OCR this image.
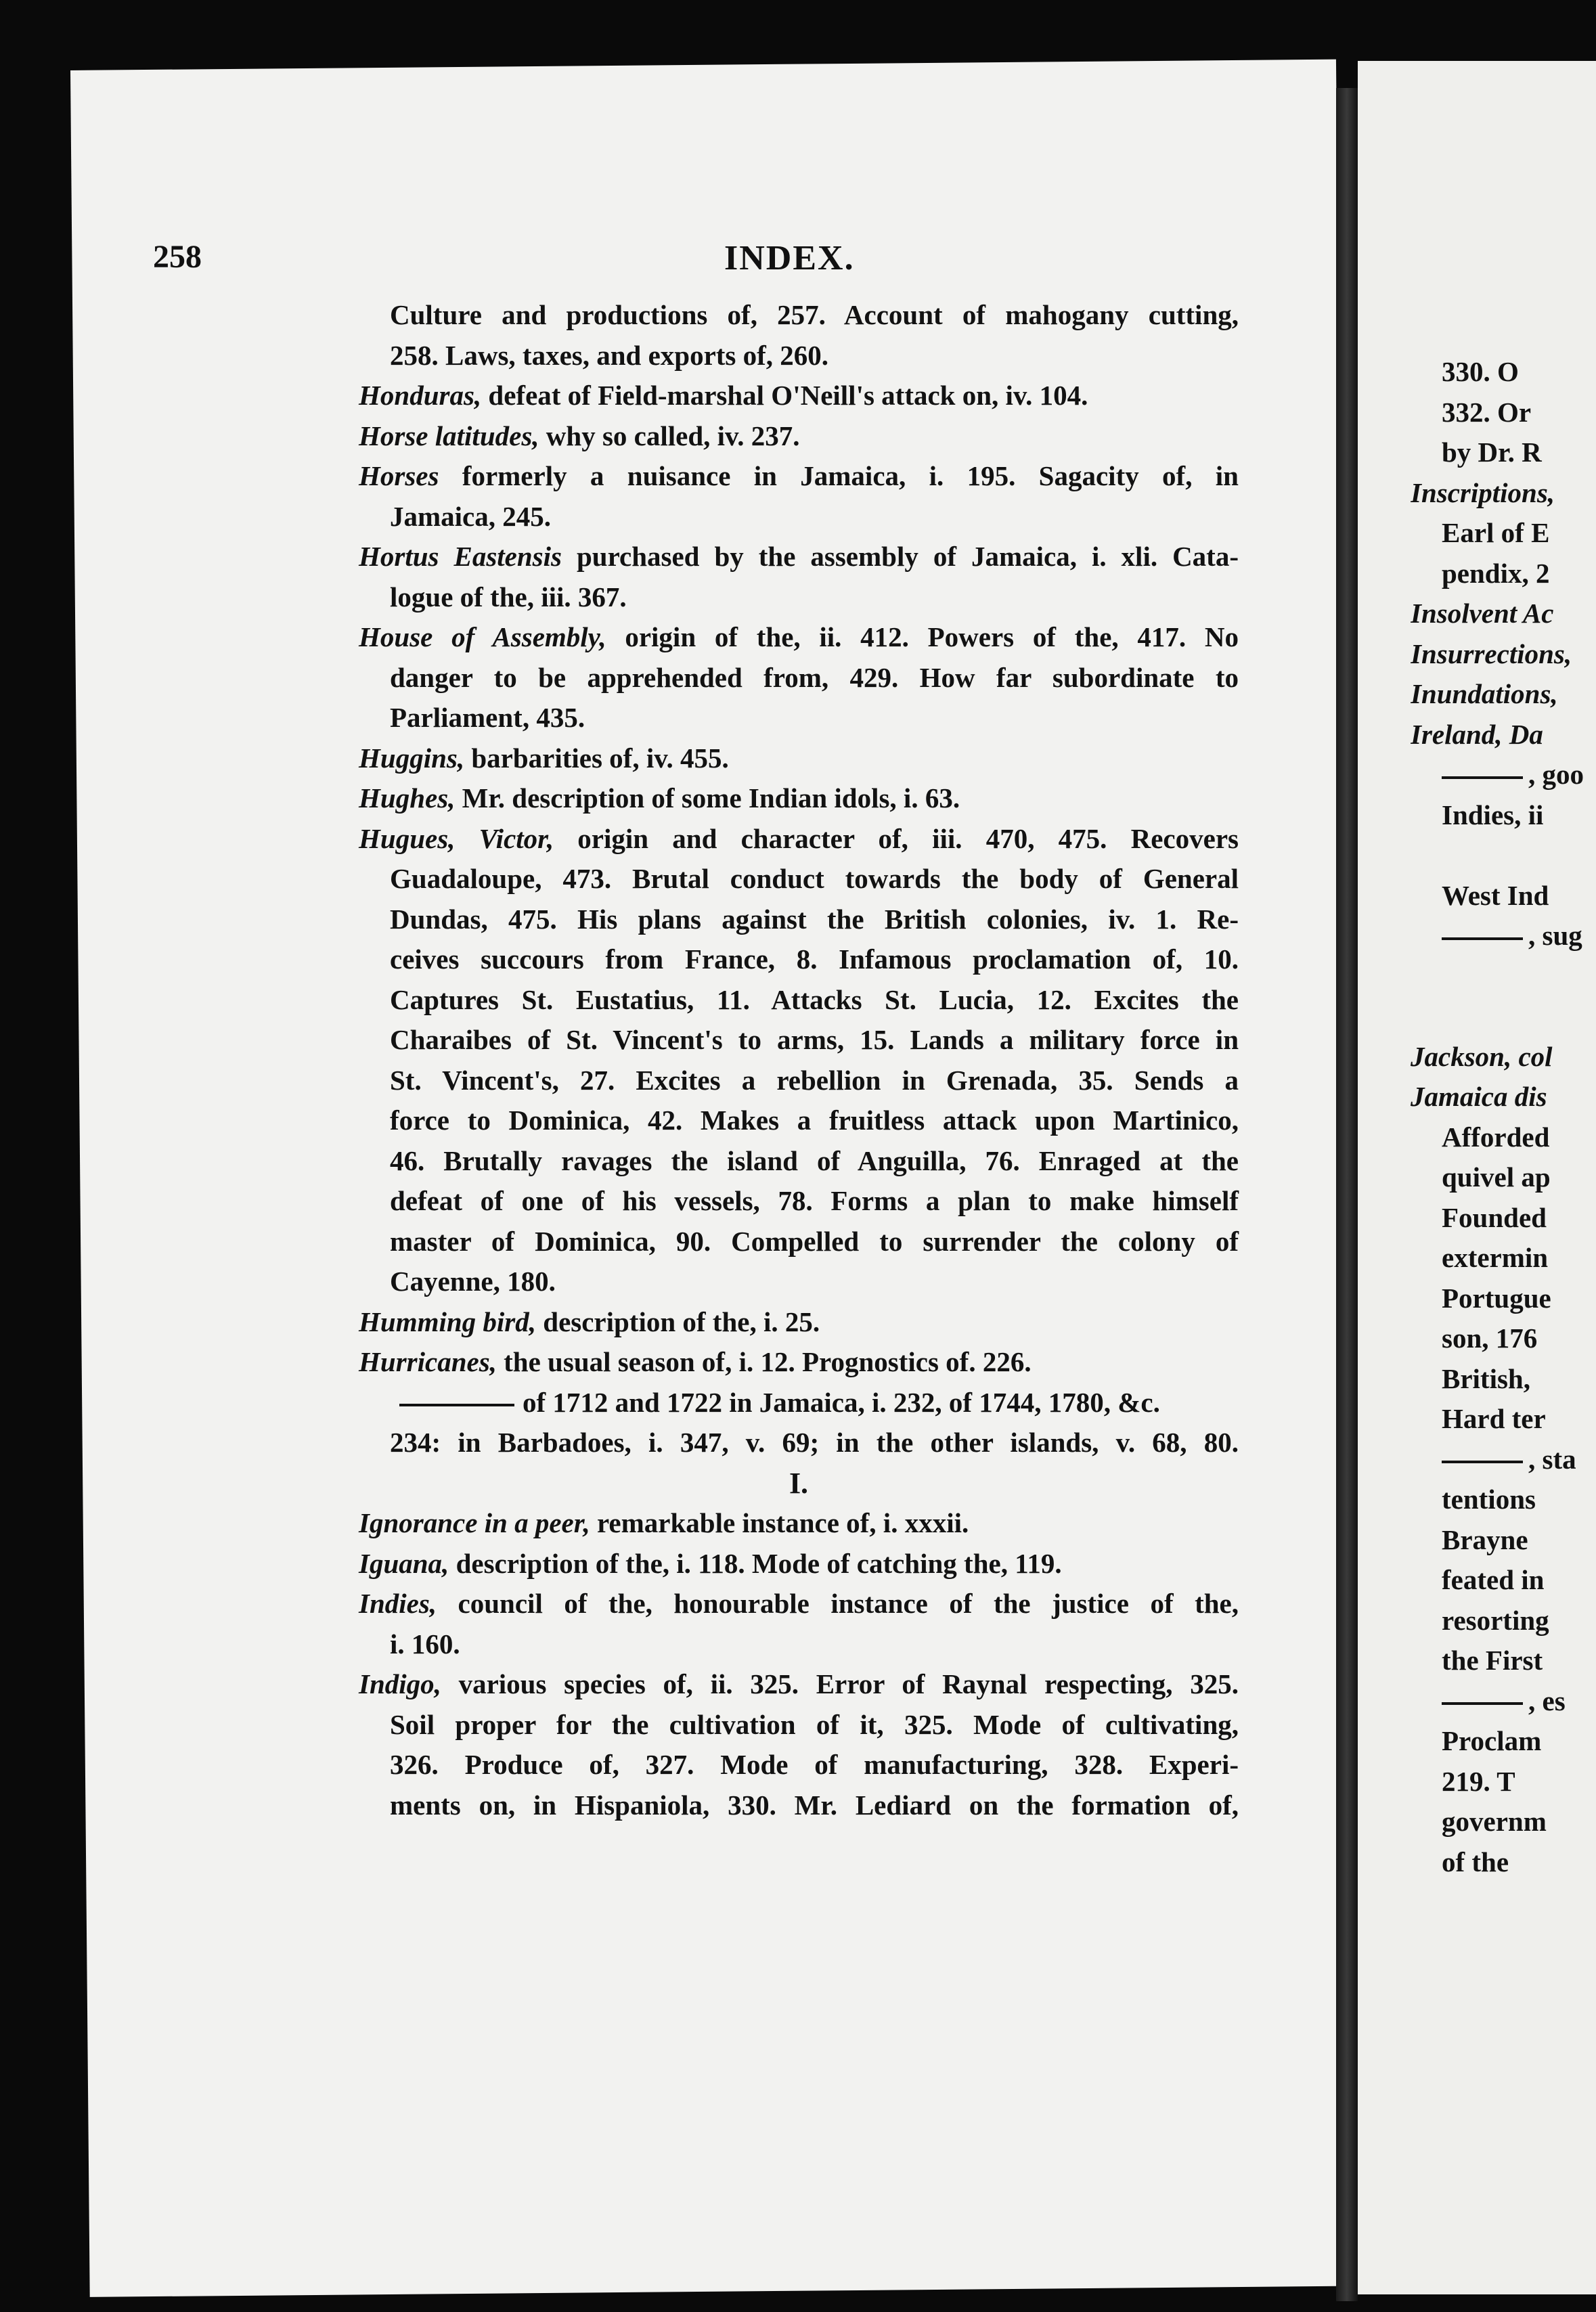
258	INDEX.
Culture and productions of, 257. Account of mahogany cutting,
258. Laws, taxes, and exports of, 260.
Honduras, defeat of Field-marshal O'Neill's attack on, iv. 104.
Horse latitudes, why so called, iv. 237.
Horses formerly a nuisance in Jamaica, i. 195. Sagacity of, in
Jamaica, 245.
Hortus Eastensis purchased by the assembly of Jamaica, i. xli. Cata-
logue of the, iii. 367.
House of Assembly, origin of the, ii. 412. Powers of the, 417. No
danger to be apprehended from, 429. How far subordinate to
Parliament, 435.
Huggins, barbarities of, iv. 455.
Hughes, Mr. description of some Indian idols, i. 63.
Hugues, Victor, origin and character of, iii. 470, 475. Recovers
Guadaloupe, 473. Brutal conduct towards the body of General
Dundas, 475. His plans against the British colonies, iv. 1. Re-
ceives succours from France, 8. Infamous proclamation of, 10.
Captures St. Eustatius, 11. Attacks St. Lucia, 12. Excites the
Charaibes of St. Vincent's to arms, 15. Lands a military force in
St. Vincent's, 27. Excites a rebellion in Grenada, 35. Sends a
force to Dominica, 42. Makes a fruitless attack upon Martinico,
46. Brutally ravages the island of Anguilla, 76. Enraged at the
defeat of one of his vessels, 78. Forms a plan to make himself
master of Dominica, 90. Compelled to surrender the colony of
Cayenne, 180.
Humming bird, description of the, i. 25.
Hurricanes, the usual season of, i. 12. Prognostics of. 226.
of 1712 and 1722 in Jamaica, i. 232, of 1744, 1780, &c.
234: in Barbadoes, i. 347, v. 69; in the other islands, v. 68, 80.
I.
Ignorance in a peer, remarkable instance of, i. xxxii.
Iguana, description of the, i. 118. Mode of catching the, 119.
Indies, council of the, honourable instance of the justice of the,
i. 160.
Indigo, various species of, ii. 325. Error of Raynal respecting, 325.
Soil proper for the cultivation of it, 325. Mode of cultivating,
326. Produce of, 327. Mode of manufacturing, 328. Experi-
ments on, in Hispaniola, 330. Mr. Lediard on the formation of,
330. O
332. Or
by Dr. R
Inscriptions,
Earl of E
pendix, 2
Insolvent Ac
Insurrections,
Inundations,
Ireland, Da
, goo
Indies, ii
West Ind
, sug
Jackson, col
Jamaica dis
Afforded
quivel ap
Founded
extermin
Portugue
son, 176
British,
Hard ter
, sta
tentions
Brayne
feated in
resorting
the First
, es
Proclam
219. T
governm
of the
